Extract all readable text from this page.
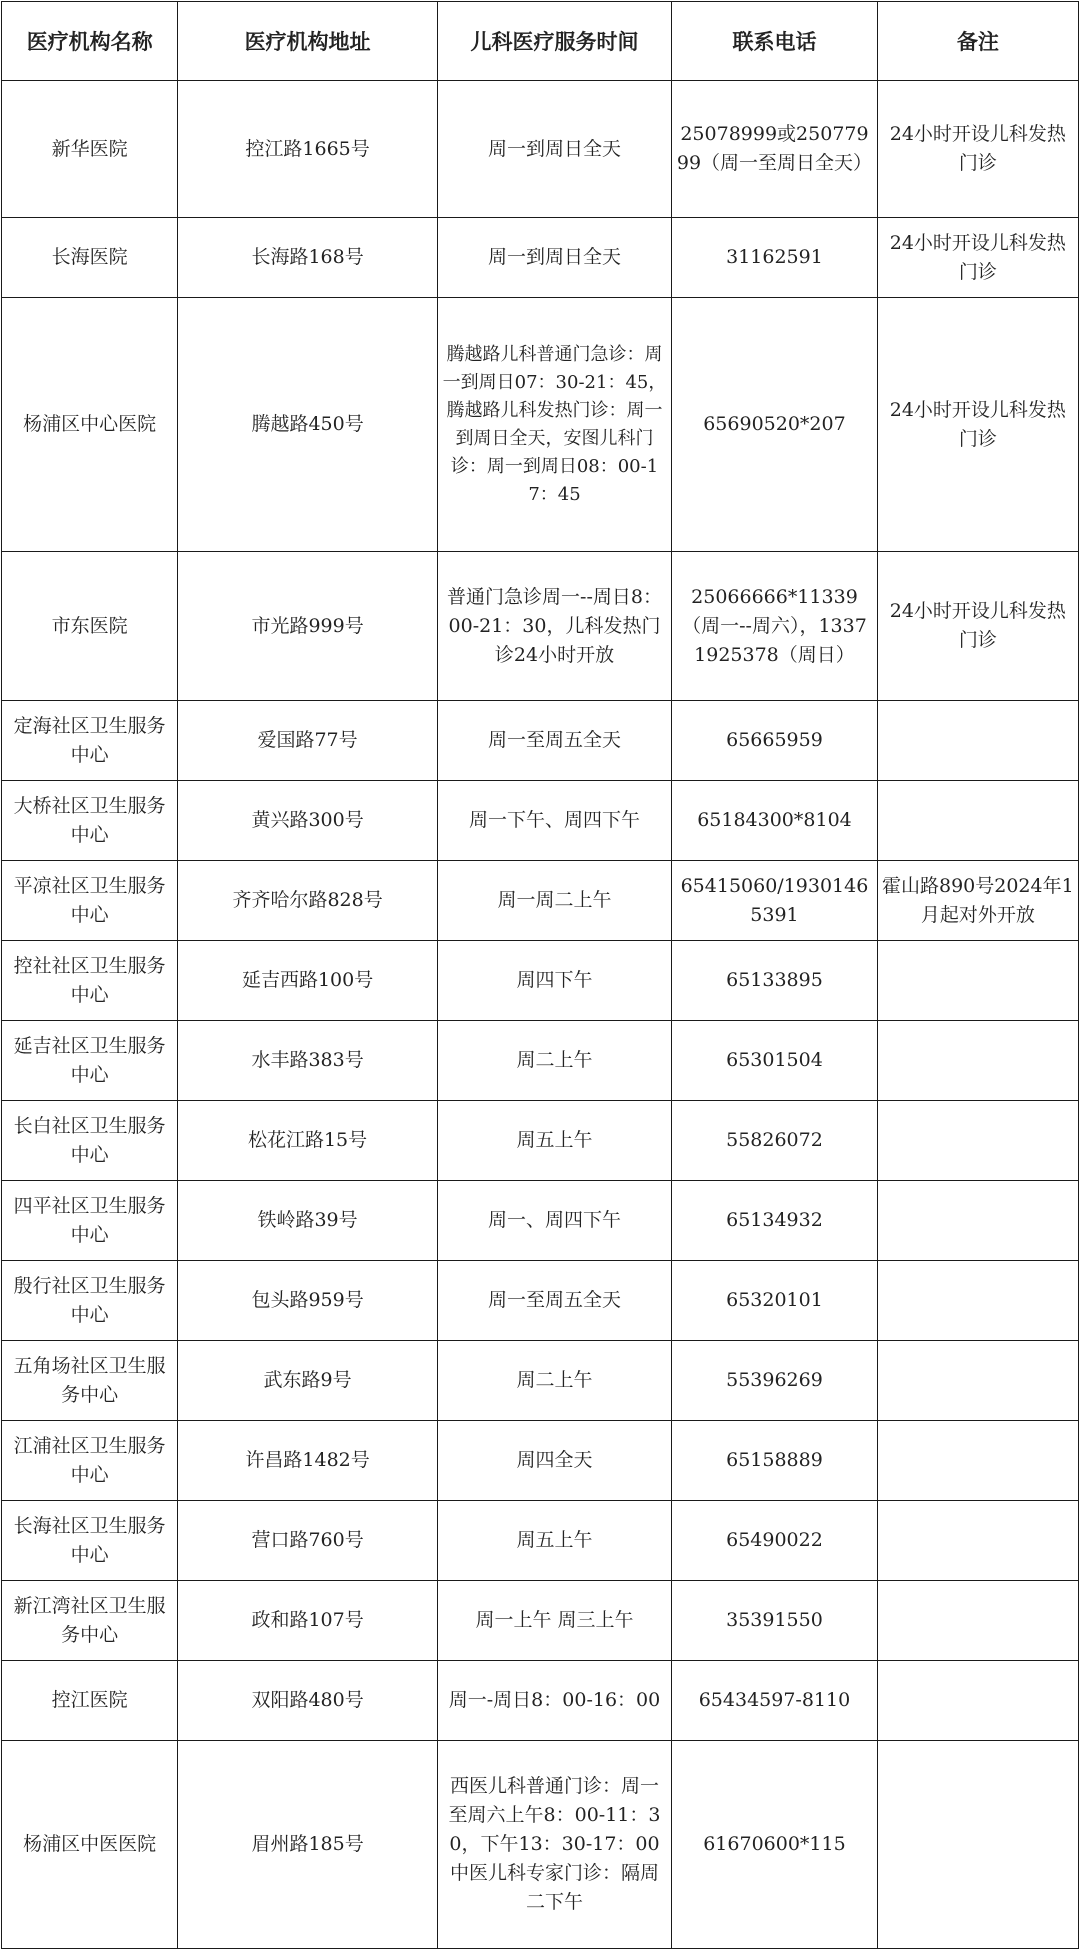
医疗机构名称	医疗机构地址	儿科医疗服务时间	联系电话	备注
新华医院	控江路1665号	周一到周日全天	25078999或25077999（周一至周日全天）	24小时开设儿科发热门诊
长海医院	长海路168号	周一到周日全天	31162591	24小时开设儿科发热门诊
杨浦区中心医院	腾越路450号	腾越路儿科普通门急诊：周一到周日07：30-21：45，腾越路儿科发热门诊：周一到周日全天，安图儿科门诊：周一到周日08：00-17：45	65690520*207	24小时开设儿科发热门诊
市东医院	市光路999号	普通门急诊周一--周日8：00-21：30，儿科发热门诊24小时开放	25066666*11339（周一--周六），13371925378（周日）	24小时开设儿科发热门诊
定海社区卫生服务中心	爱国路77号	周一至周五全天	65665959	
大桥社区卫生服务中心	黄兴路300号	周一下午、周四下午	65184300*8104	
平凉社区卫生服务中心	齐齐哈尔路828号	周一周二上午	65415060/19301465391	霍山路890号2024年1月起对外开放
控社社区卫生服务中心	延吉西路100号	周四下午	65133895	
延吉社区卫生服务中心	水丰路383号	周二上午	65301504	
长白社区卫生服务中心	松花江路15号	周五上午	55826072	
四平社区卫生服务中心	铁岭路39号	周一、周四下午	65134932	
殷行社区卫生服务中心	包头路959号	周一至周五全天	65320101	
五角场社区卫生服务中心	武东路9号	周二上午	55396269	
江浦社区卫生服务中心	许昌路1482号	周四全天	65158889	
长海社区卫生服务中心	营口路760号	周五上午	65490022	
新江湾社区卫生服务中心	政和路107号	周一上午 周三上午	35391550	
控江医院	双阳路480号	周一-周日8：00-16：00	65434597-8110	
杨浦区中医医院	眉州路185号	西医儿科普通门诊：周一至周六上午8：00-11：30，下午13：30-17：00 中医儿科专家门诊：隔周二下午	61670600*115	
